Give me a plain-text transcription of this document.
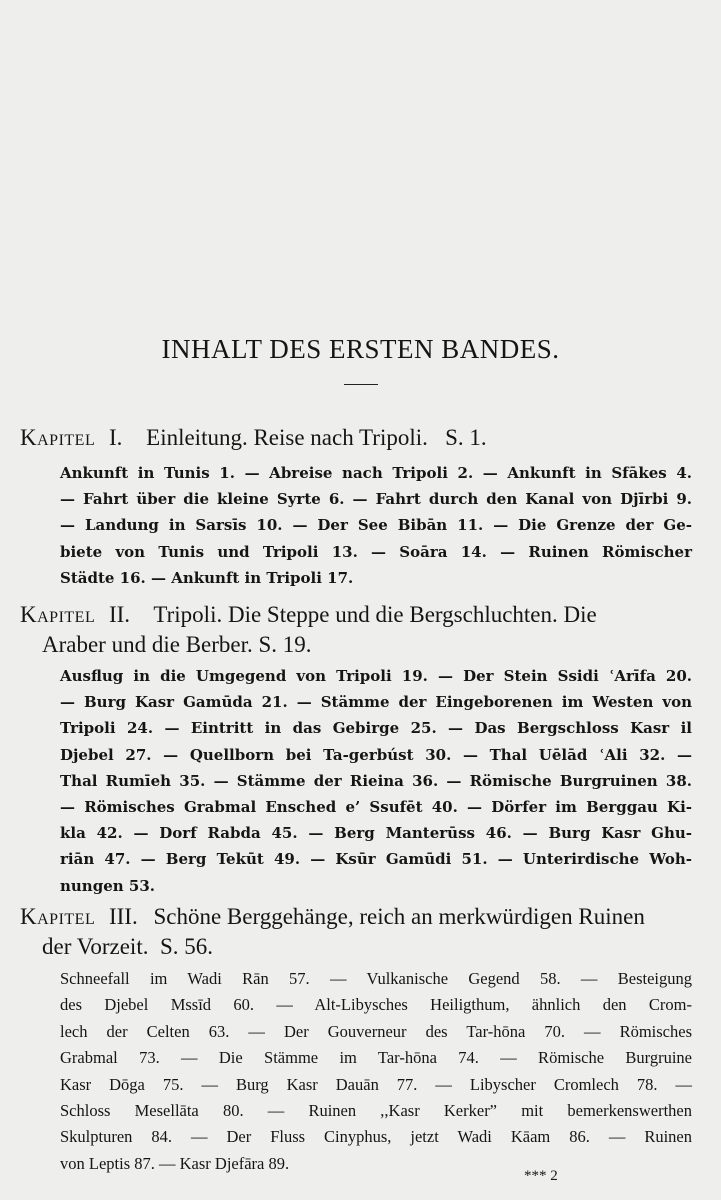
INHALT DES ERSTEN BANDES.
Kapitel I. Einleitung. Reise nach Tripoli.   S. 1.
Ankunft in Tunis 1. — Abreise nach Tripoli 2. — Ankunft in Sfākes 4.
— Fahrt über die kleine Syrte 6. — Fahrt durch den Kanal von Djīrbi 9.
— Landung in Sarsīs 10. — Der See Bibān 11. — Die Grenze der Ge-
biete von Tunis und Tripoli 13. — Soāra 14. — Ruinen Römischer
Städte 16. — Ankunft in Tripoli 17.
Kapitel II. Tripoli. Die Steppe und die Bergschluchten. Die
Araber und die Berber. S. 19.
Ausflug in die Umgegend von Tripoli 19. — Der Stein Ssidi ʿArīfa 20.
— Burg Kasr Gamūda 21. — Stämme der Eingeborenen im Westen von
Tripoli 24. — Eintritt in das Gebirge 25. — Das Bergschloss Kasr il
Djebel 27. — Quellborn bei Ta-gerbúst 30. — Thal Uēlād ʿAli 32. —
Thal Rumīeh 35. — Stämme der Rieina 36. — Römische Burgruinen 38.
— Römisches Grabmal Ensched e’ Ssufēt 40. — Dörfer im Berggau Ki-
kla 42. — Dorf Rabda 45. — Berg Manterūss 46. — Burg Kasr Ghu-
riān 47. — Berg Tekūt 49. — Ksūr Gamūdi 51. — Unterirdische Woh-
nungen 53.
Kapitel III. Schöne Berggehänge, reich an merkwürdigen Ruinen
der Vorzeit.  S. 56.
Schneefall im Wadi Rān 57. — Vulkanische Gegend 58. — Besteigung
des Djebel Mssīd 60. — Alt-Libysches Heiligthum, ähnlich den Crom-
lech der Celten 63. — Der Gouverneur des Tar-hōna 70. — Römisches
Grabmal 73. — Die Stämme im Tar-hōna 74. — Römische Burgruine
Kasr Dōga 75. — Burg Kasr Dauān 77. — Libyscher Cromlech 78. —
Schloss Mesellāta 80. — Ruinen ,,Kasr Kerker” mit bemerkenswerthen
Skulpturen 84. — Der Fluss Cinyphus, jetzt Wadi Kāam 86. — Ruinen
von Leptis 87. — Kasr Djefāra 89.
*** 2
